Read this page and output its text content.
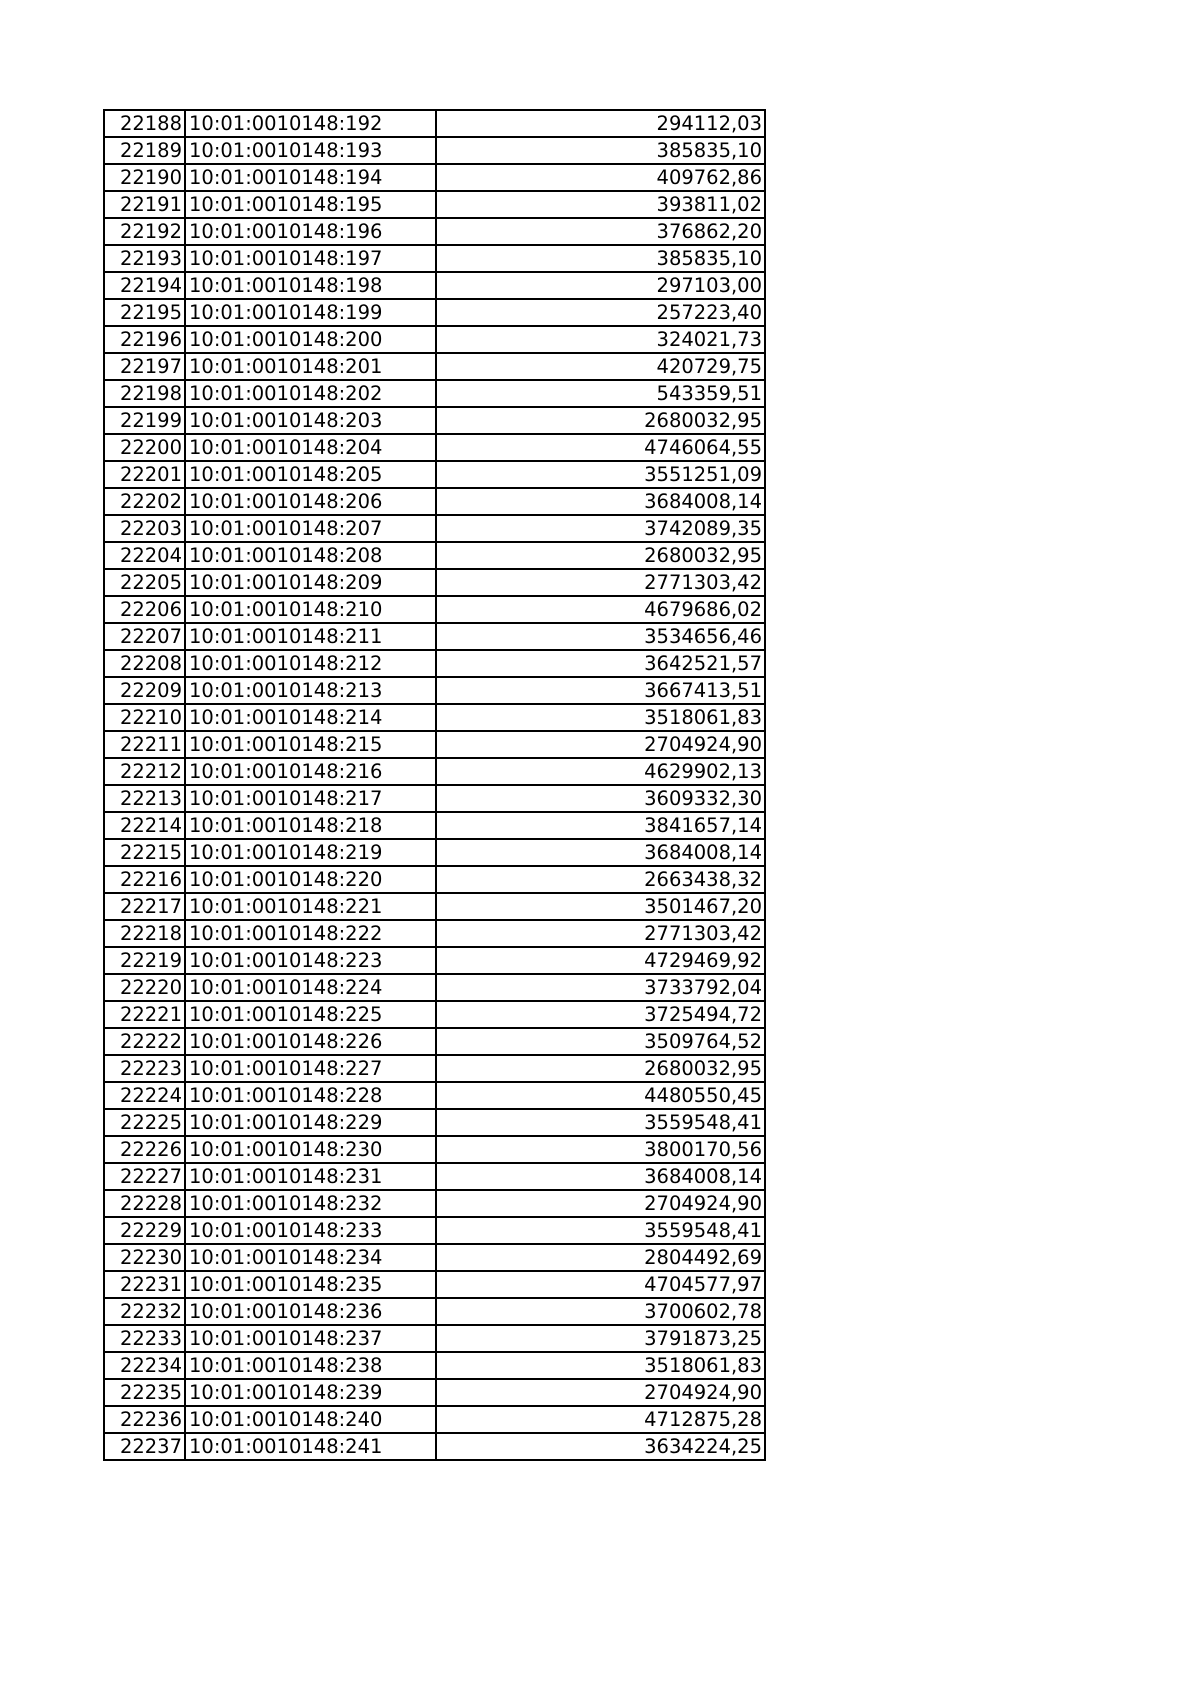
22188	10:01:0010148:192	294112,03
22189	10:01:0010148:193	385835,10
22190	10:01:0010148:194	409762,86
22191	10:01:0010148:195	393811,02
22192	10:01:0010148:196	376862,20
22193	10:01:0010148:197	385835,10
22194	10:01:0010148:198	297103,00
22195	10:01:0010148:199	257223,40
22196	10:01:0010148:200	324021,73
22197	10:01:0010148:201	420729,75
22198	10:01:0010148:202	543359,51
22199	10:01:0010148:203	2680032,95
22200	10:01:0010148:204	4746064,55
22201	10:01:0010148:205	3551251,09
22202	10:01:0010148:206	3684008,14
22203	10:01:0010148:207	3742089,35
22204	10:01:0010148:208	2680032,95
22205	10:01:0010148:209	2771303,42
22206	10:01:0010148:210	4679686,02
22207	10:01:0010148:211	3534656,46
22208	10:01:0010148:212	3642521,57
22209	10:01:0010148:213	3667413,51
22210	10:01:0010148:214	3518061,83
22211	10:01:0010148:215	2704924,90
22212	10:01:0010148:216	4629902,13
22213	10:01:0010148:217	3609332,30
22214	10:01:0010148:218	3841657,14
22215	10:01:0010148:219	3684008,14
22216	10:01:0010148:220	2663438,32
22217	10:01:0010148:221	3501467,20
22218	10:01:0010148:222	2771303,42
22219	10:01:0010148:223	4729469,92
22220	10:01:0010148:224	3733792,04
22221	10:01:0010148:225	3725494,72
22222	10:01:0010148:226	3509764,52
22223	10:01:0010148:227	2680032,95
22224	10:01:0010148:228	4480550,45
22225	10:01:0010148:229	3559548,41
22226	10:01:0010148:230	3800170,56
22227	10:01:0010148:231	3684008,14
22228	10:01:0010148:232	2704924,90
22229	10:01:0010148:233	3559548,41
22230	10:01:0010148:234	2804492,69
22231	10:01:0010148:235	4704577,97
22232	10:01:0010148:236	3700602,78
22233	10:01:0010148:237	3791873,25
22234	10:01:0010148:238	3518061,83
22235	10:01:0010148:239	2704924,90
22236	10:01:0010148:240	4712875,28
22237	10:01:0010148:241	3634224,25
